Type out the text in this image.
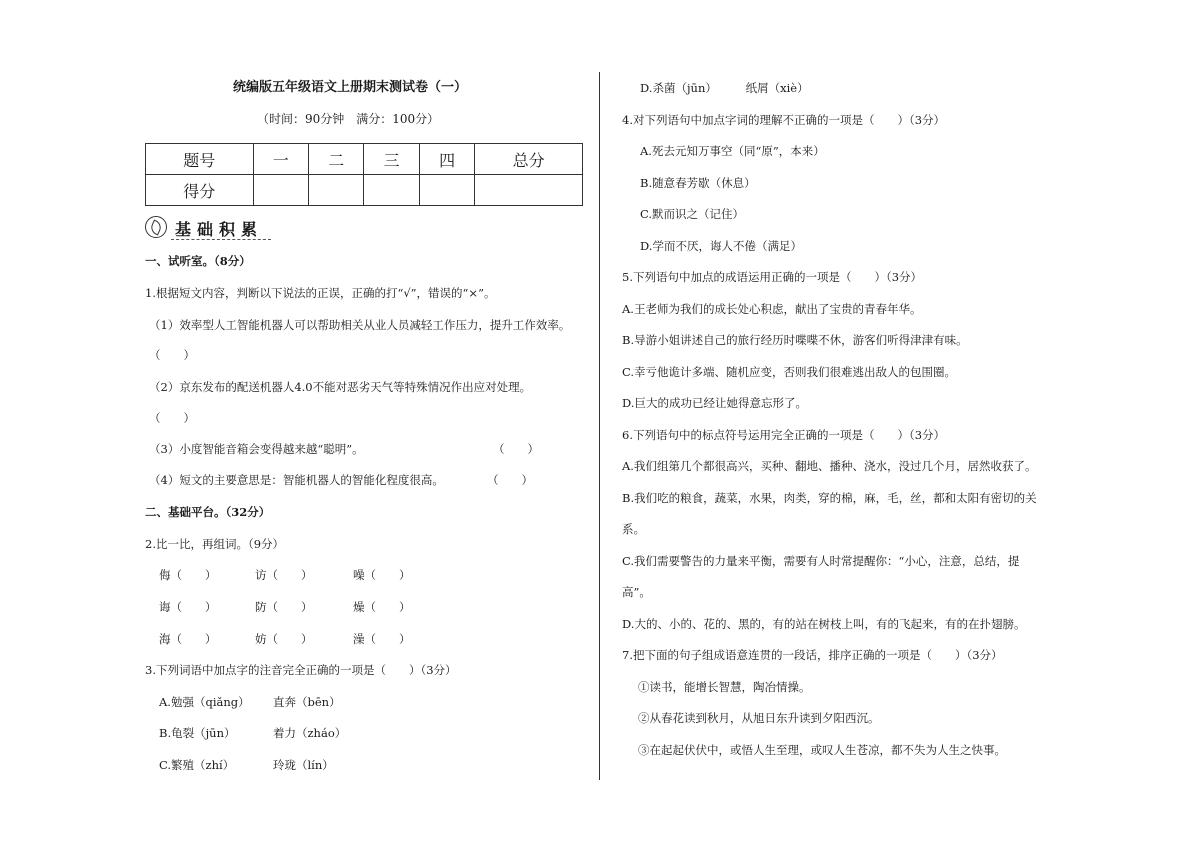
统编版五年级语文上册期末测试卷（一）
（时间：90分钟　满分：100分）
题号	一	二	三	四	总分
得分					
基础积累
一、试听室。（8分）
1.根据短文内容，判断以下说法的正误，正确的打“√”，错误的“×”。
（1）效率型人工智能机器人可以帮助相关从业人员减轻工作压力，提升工作效率。
（　　）
（2）京东发布的配送机器人4.0不能对恶劣天气等特殊情况作出应对处理。
（　　）
（3）小度智能音箱会变得越来越“聪明”。	（　　）
（4）短文的主要意思是：智能机器人的智能化程度很高。	（　　）
二、基础平台。（32分）
2.比一比，再组词。（9分）
侮（　　）	访（　　）	噪（　　）
诲（　　）	防（　　）	燥（　　）
海（　　）	妨（　　）	澡（　　）
3.下列词语中加点字的注音完全正确的一项是（　　）（3分）
A.勉强（qiǎng） 直奔（bēn）
B.龟裂（jūn）	着力（zháo）
C.繁殖（zhí）	玲珑（lín）
D.杀菌（jūn）　　　纸屑（xiè）
4.对下列语句中加点字词的理解不正确的一项是（　　）（3分）
A.死去元知万事空（同“原”，本来）
B.随意春芳歇（休息）
C.默而识之（记住）
D.学而不厌，诲人不倦（满足）
5.下列语句中加点的成语运用正确的一项是（　　）（3分）
A.王老师为我们的成长处心积虑，献出了宝贵的青春年华。
B.导游小姐讲述自己的旅行经历时喋喋不休，游客们听得津津有味。
C.幸亏他诡计多端、随机应变，否则我们很难逃出敌人的包围圈。
D.巨大的成功已经让她得意忘形了。
6.下列语句中的标点符号运用完全正确的一项是（　　）（3分）
A.我们组第几个都很高兴，买种、翻地、播种、浇水，没过几个月，居然收获了。
B.我们吃的粮食，蔬菜，水果，肉类，穿的棉，麻，毛，丝，都和太阳有密切的关
系。
C.我们需要警告的力量来平衡，需要有人时常提醒你：“小心，注意，总结，提
高”。
D.大的、小的、花的、黑的，有的站在树枝上叫，有的飞起来，有的在扑翅膀。
7.把下面的句子组成语意连贯的一段话，排序正确的一项是（　　）（3分）
①读书，能增长智慧，陶冶情操。
②从春花读到秋月，从旭日东升读到夕阳西沉。
③在起起伏伏中，或悟人生至理，或叹人生苍凉，都不失为人生之快事。
